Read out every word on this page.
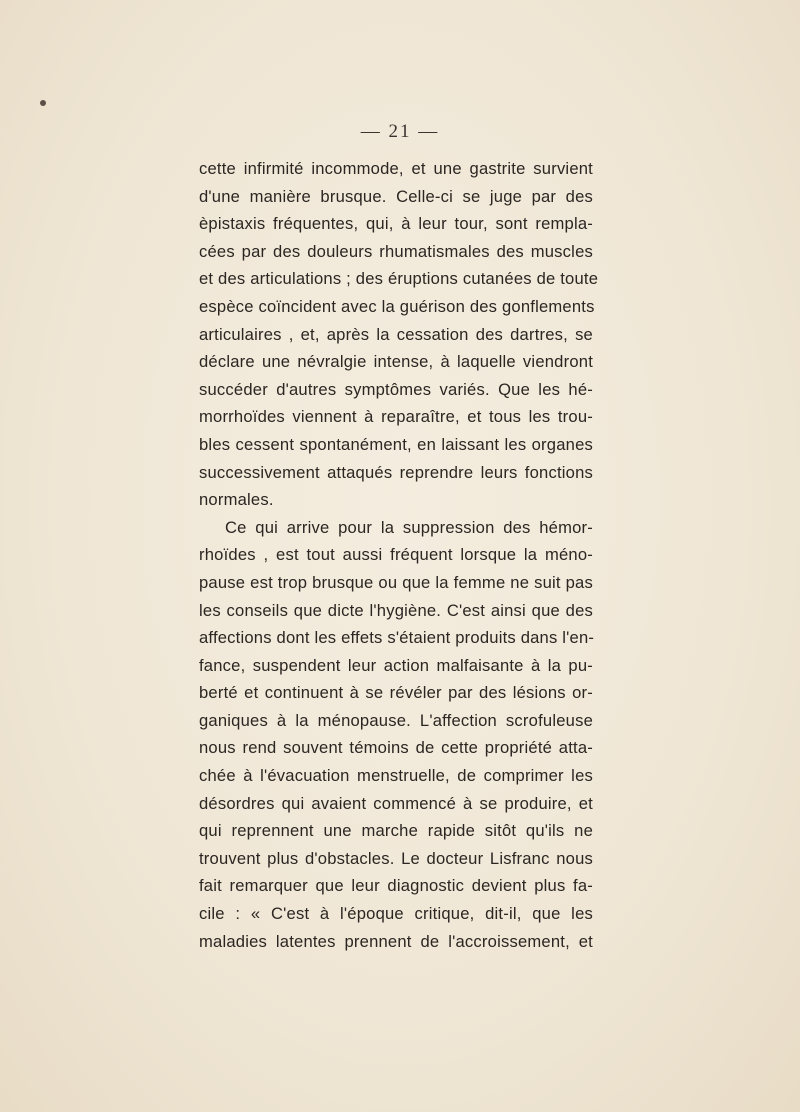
— 21 —

cette infirmité incommode, et une gastrite survient
d'une manière brusque. Celle-ci se juge par des
èpistaxis fréquentes, qui, à leur tour, sont rempla-
cées par des douleurs rhumatismales des muscles
et des articulations ; des éruptions cutanées de toute
espèce coïncident avec la guérison des gonflements
articulaires , et, après la cessation des dartres, se
déclare une névralgie intense, à laquelle viendront
succéder d'autres symptômes variés. Que les hé-
morrhoïdes viennent à reparaître, et tous les trou-
bles cessent spontanément, en laissant les organes
successivement attaqués reprendre leurs fonctions
normales.

Ce qui arrive pour la suppression des hémor-
rhoïdes , est tout aussi fréquent lorsque la méno-
pause est trop brusque ou que la femme ne suit pas
les conseils que dicte l'hygiène. C'est ainsi que des
affections dont les effets s'étaient produits dans l'en-
fance, suspendent leur action malfaisante à la pu-
berté et continuent à se révéler par des lésions or-
ganiques à la ménopause. L'affection scrofuleuse
nous rend souvent témoins de cette propriété atta-
chée à l'évacuation menstruelle, de comprimer les
désordres qui avaient commencé à se produire, et
qui reprennent une marche rapide sitôt qu'ils ne
trouvent plus d'obstacles. Le docteur Lisfranc nous
fait remarquer que leur diagnostic devient plus fa-
cile : « C'est à l'époque critique, dit-il, que les
maladies latentes prennent de l'accroissement, et
